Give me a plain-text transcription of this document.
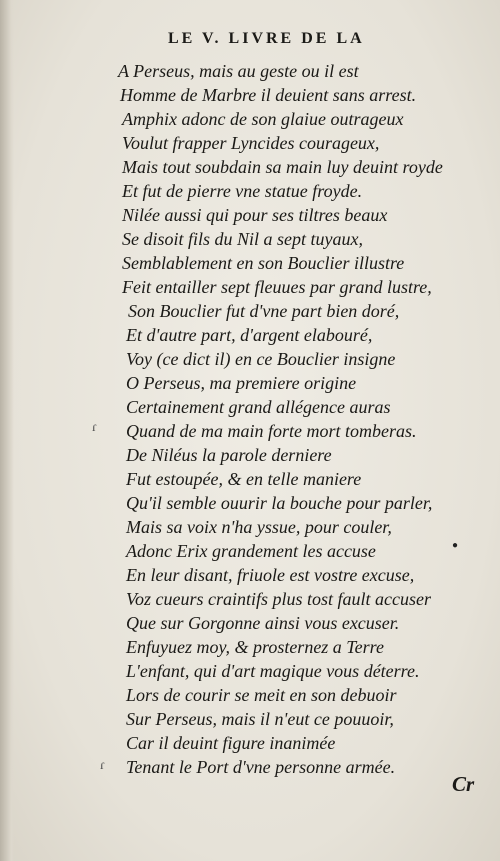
LE V. LIVRE DE LA
A Perseus, mais au geste ou il est
Homme de Marbre il deuient sans arrest.
Amphix adonc de son glaiue outrageux
Voulut frapper Lyncides courageux,
Mais tout soubdain sa main luy deuint royde
Et fut de pierre vne statue froyde.
Nilée aussi qui pour ses tiltres beaux
Se disoit fils du Nil a sept tuyaux,
Semblablement en son Bouclier illustre
Feit entailler sept fleuues par grand lustre,
Son Bouclier fut d'vne part bien doré,
Et d'autre part, d'argent elabouré,
Voy (ce dict il) en ce Bouclier insigne
O Perseus, ma premiere origine
Certainement grand allégence auras
Quand de ma main forte mort tomberas.
De Niléus la parole derniere
Fut estoupée, & en telle maniere
Qu'il semble ouurir la bouche pour parler,
Mais sa voix n'ha yssue, pour couler,
Adonc Erix grandement les accuse
En leur disant, friuole est vostre excuse,
Voz cueurs craintifs plus tost fault accuser
Que sur Gorgonne ainsi vous excuser.
Enfuyuez moy, & prosternez a Terre
L'enfant, qui d'art magique vous déterre.
Lors de courir se meit en son debuoir
Sur Perseus, mais il n'eut ce pouuoir,
Car il deuint figure inanimée
Tenant le Port d'vne personne armée.
ɾ
●
ɾ
Cr
